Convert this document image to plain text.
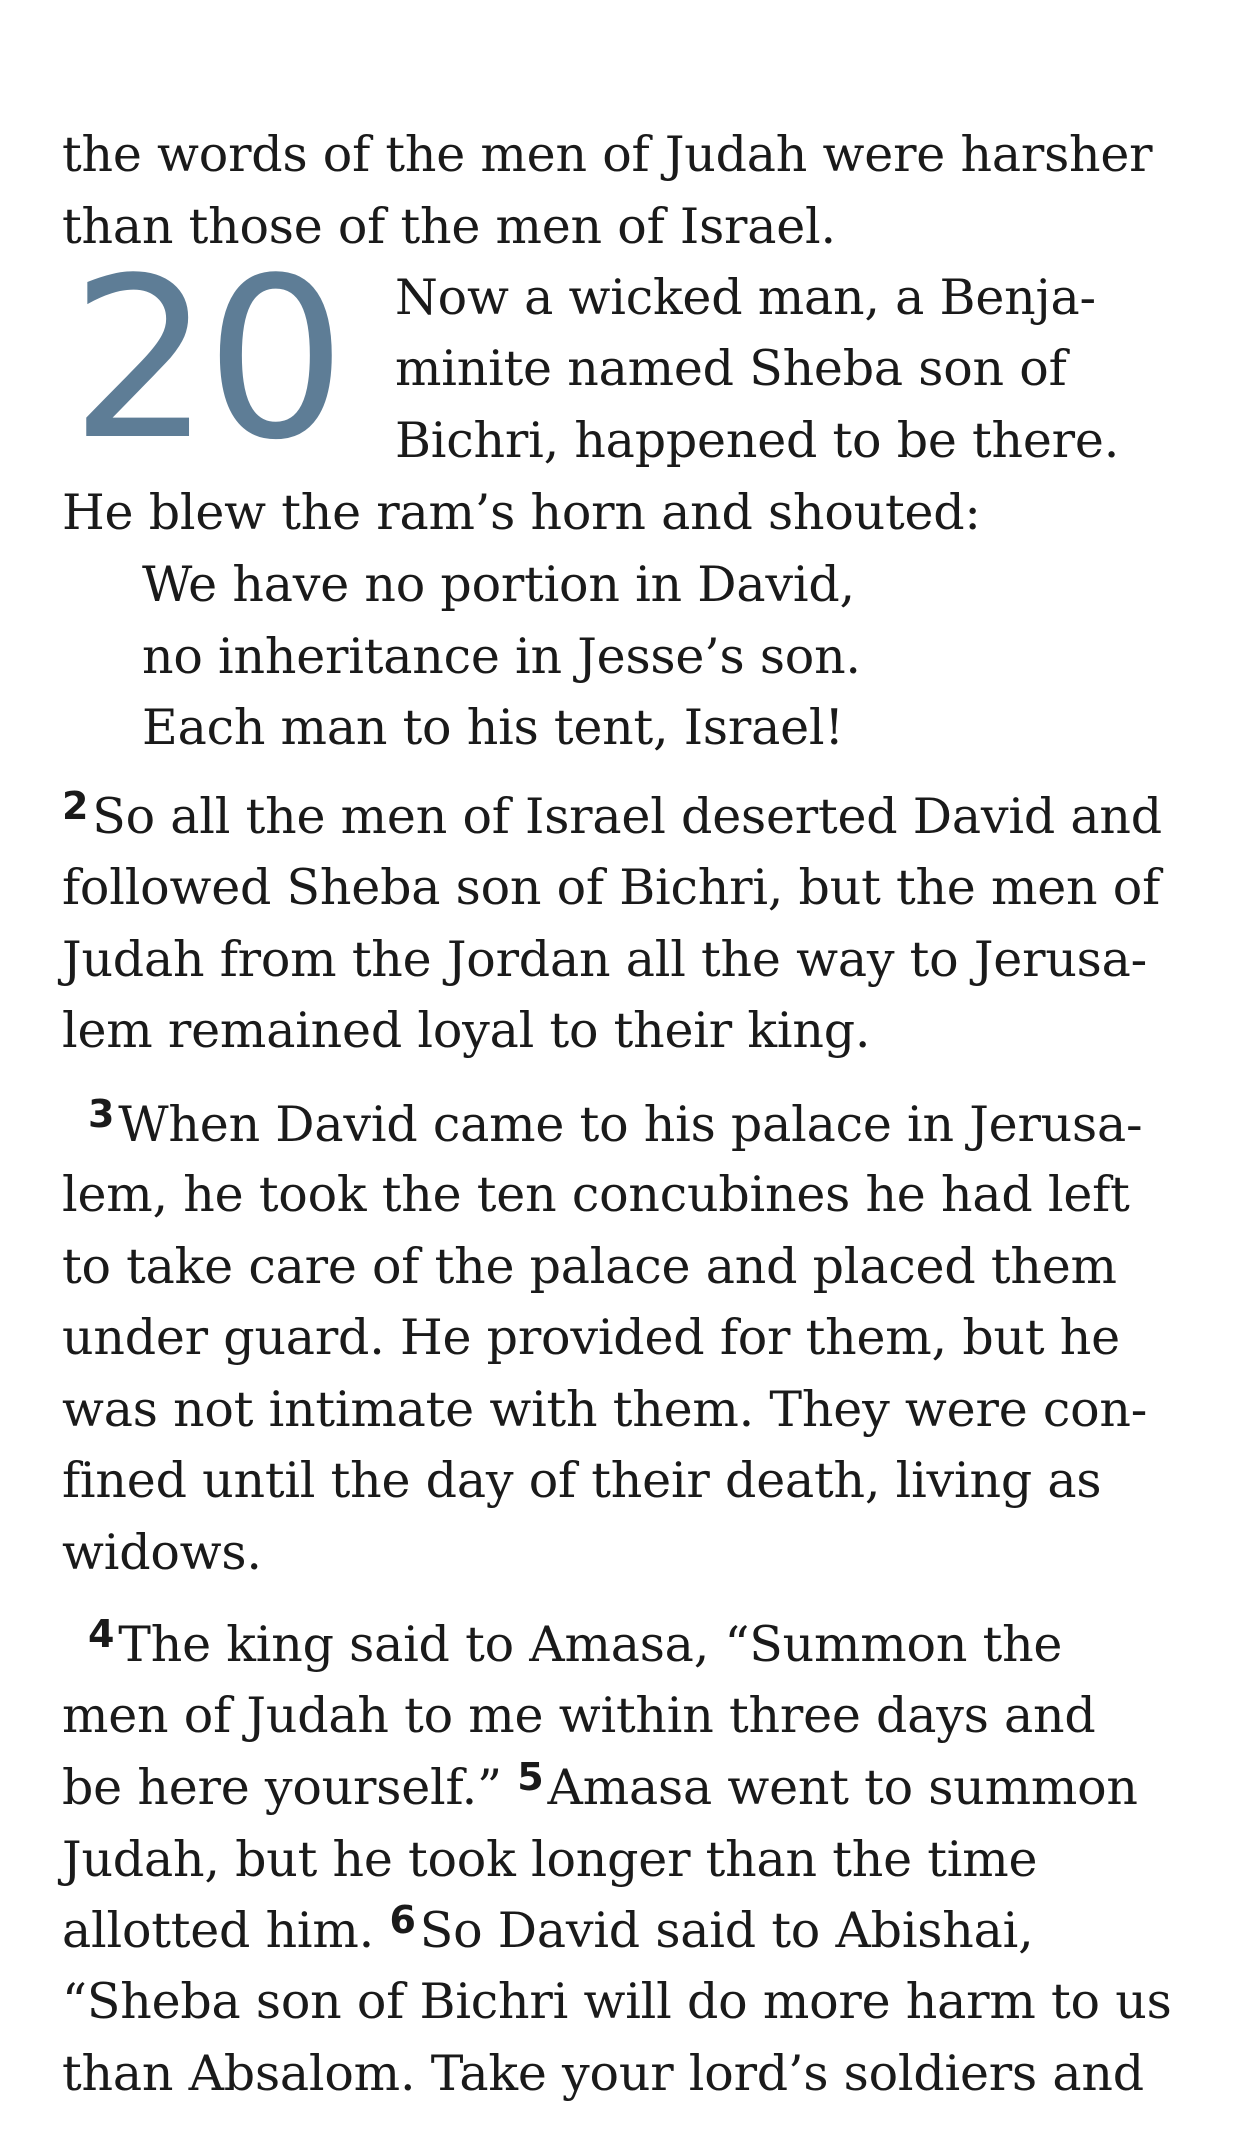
the words of the men of Judah were harsher
than those of the men of Israel.
20 Now a wicked man, a Benja-
minite named Sheba son of
Bichri, happened to be there.
He blew the ram’s horn and shouted:
We have no portion in David,
no inheritance in Jesse’s son.
Each man to his tent, Israel!
$^2$So all the men of Israel deserted David and
followed Sheba son of Bichri, but the men of
Judah from the Jordan all the way to Jerusa-
lem remained loyal to their king.
$^3$When David came to his palace in Jerusa-
lem, he took the ten concubines he had left
to take care of the palace and placed them
under guard. He provided for them, but he
was not intimate with them. They were con-
fined until the day of their death, living as
widows.
$^4$The king said to Amasa, “Summon the
men of Judah to me within three days and
be here yourself.” $^5$Amasa went to summon
Judah, but he took longer than the time
allotted him. $^6$So David said to Abishai,
“Sheba son of Bichri will do more harm to us
than Absalom. Take your lord’s soldiers and
